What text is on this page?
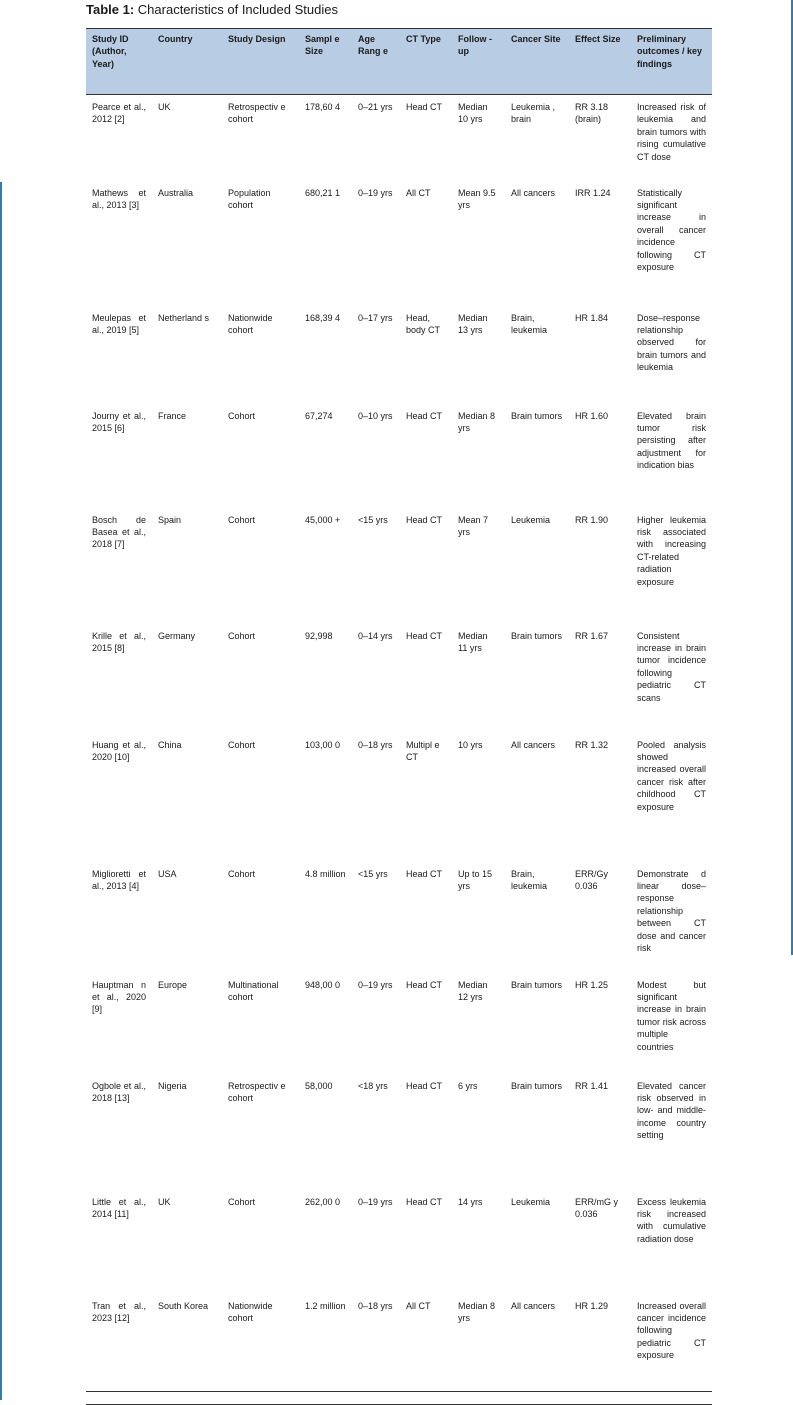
Table 1: Characteristics of Included Studies
Study ID (Author, Year)	Country	Study Design	Sampl e Size	Age Rang e	CT Type	Follow -up	Cancer Site	Effect Size	Preliminary outcomes / key findings
Pearce et al., 2012 [2]	UK	Retrospectiv e cohort	178,60 4	0–21 yrs	Head CT	Median 10 yrs	Leukemia , brain	RR 3.18 (brain)	Increased risk of leukemia and brain tumors with rising cumulative CT dose
Mathews et al., 2013 [3]	Australia	Population cohort	680,21 1	0–19 yrs	All CT	Mean 9.5 yrs	All cancers	IRR 1.24	Statistically significant increase in overall cancer incidence following CT exposure
Meulepas et al., 2019 [5]	Netherland s	Nationwide cohort	168,39 4	0–17 yrs	Head, body CT	Median 13 yrs	Brain, leukemia	HR 1.84	Dose–response relationship observed for brain tumors and leukemia
Journy et al., 2015 [6]	France	Cohort	67,274	0–10 yrs	Head CT	Median 8 yrs	Brain tumors	HR 1.60	Elevated brain tumor risk persisting after adjustment for indication bias
Bosch de Basea et al., 2018 [7]	Spain	Cohort	45,000 +	<15 yrs	Head CT	Mean 7 yrs	Leukemia	RR 1.90	Higher leukemia risk associated with increasing CT-related radiation exposure
Krille et al., 2015 [8]	Germany	Cohort	92,998	0–14 yrs	Head CT	Median 11 yrs	Brain tumors	RR 1.67	Consistent increase in brain tumor incidence following pediatric CT scans
Huang et al., 2020 [10]	China	Cohort	103,00 0	0–18 yrs	Multipl e CT	10 yrs	All cancers	RR 1.32	Pooled analysis showed increased overall cancer risk after childhood CT exposure
Miglioretti et al., 2013 [4]	USA	Cohort	4.8 million	<15 yrs	Head CT	Up to 15 yrs	Brain, leukemia	ERR/Gy 0.036	Demonstrate d linear dose–response relationship between CT dose and cancer risk
Hauptman n et al., 2020 [9]	Europe	Multinational cohort	948,00 0	0–19 yrs	Head CT	Median 12 yrs	Brain tumors	HR 1.25	Modest but significant increase in brain tumor risk across multiple countries
Ogbole et al., 2018 [13]	Nigeria	Retrospectiv e cohort	58,000	<18 yrs	Head CT	6 yrs	Brain tumors	RR 1.41	Elevated cancer risk observed in low- and middle-income country setting
Little et al., 2014 [11]	UK	Cohort	262,00 0	0–19 yrs	Head CT	14 yrs	Leukemia	ERR/mG y 0.036	Excess leukemia risk increased with cumulative radiation dose
Tran et al., 2023 [12]	South Korea	Nationwide cohort	1.2 million	0–18 yrs	All CT	Median 8 yrs	All cancers	HR 1.29	Increased overall cancer incidence following pediatric CT exposure
